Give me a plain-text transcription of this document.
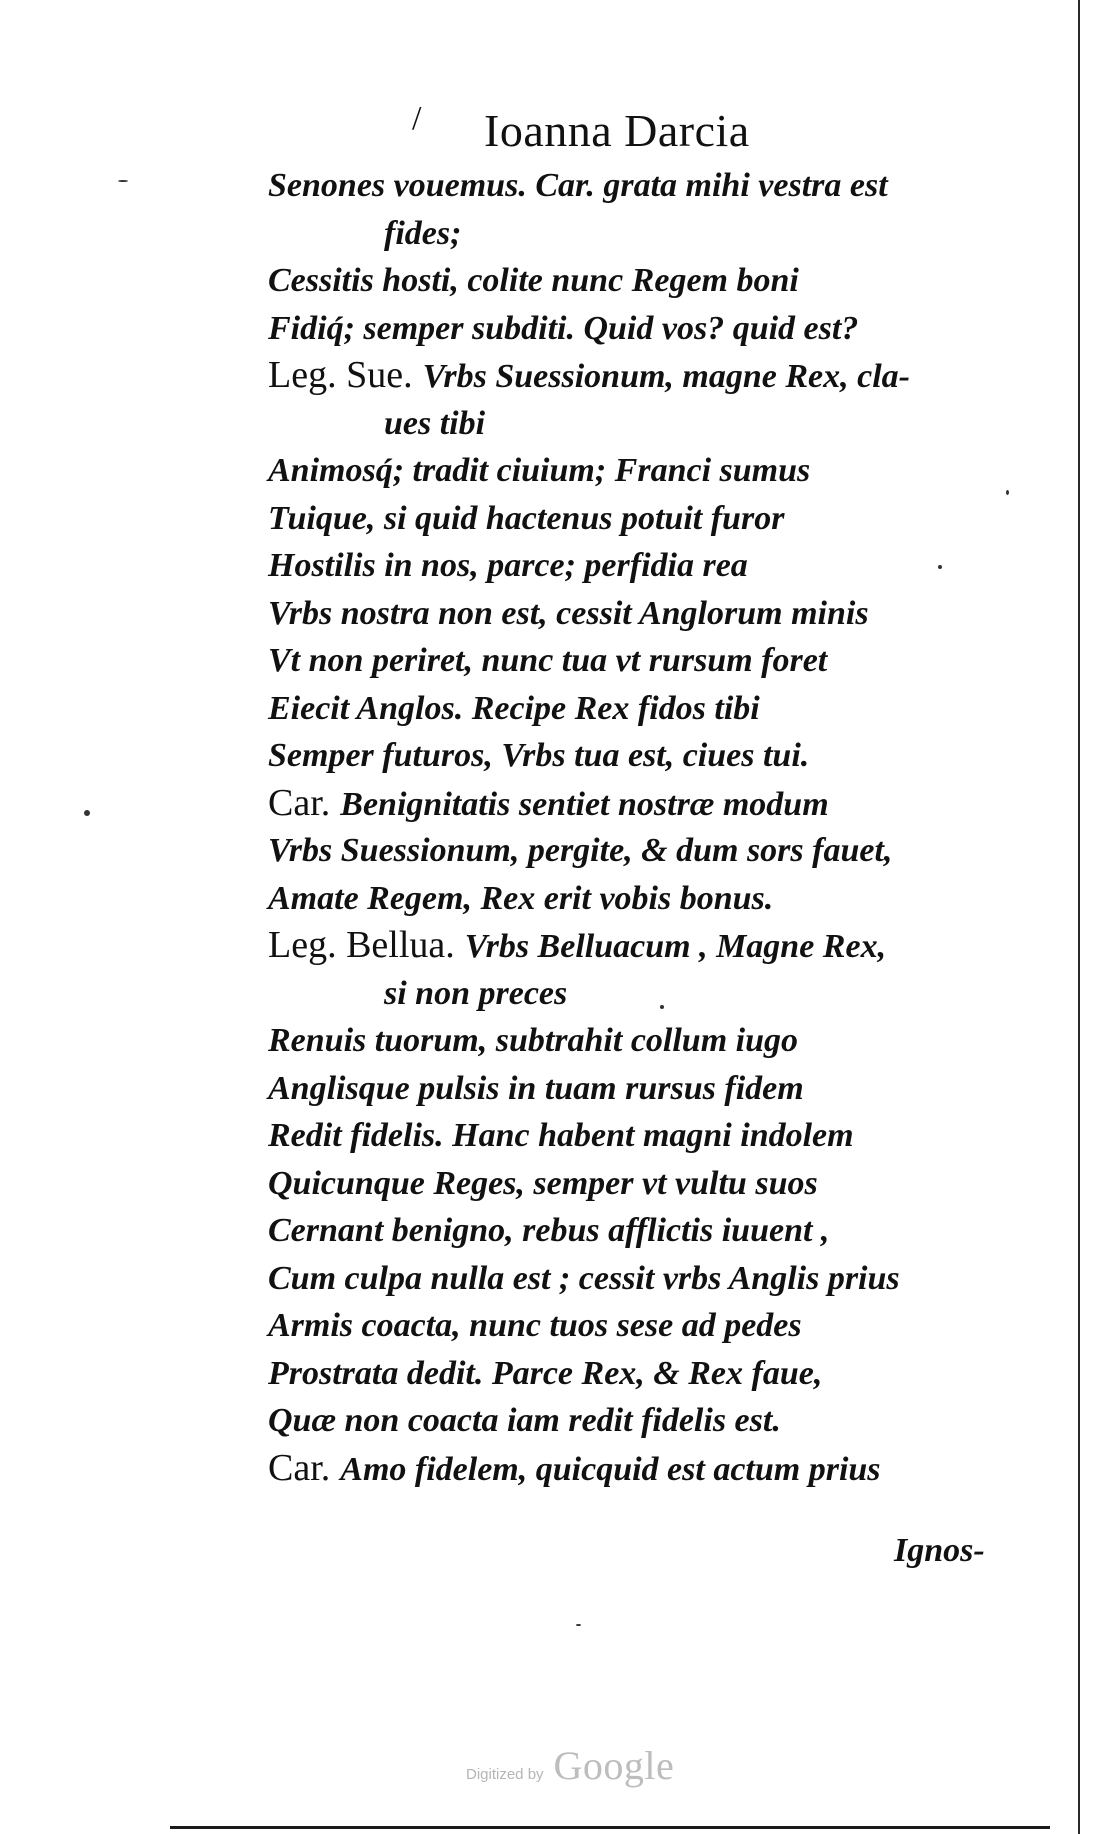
/ Ioanna Darcia
Senones vouemus. Car. grata mihi vestra est
fides;
Cessitis hosti, colite nunc Regem boni
Fidiq́; semper subditi. Quid vos? quid est?
Leg. Sue. Vrbs Suessionum, magne Rex, cla-
ues tibi
Animosq́; tradit ciuium; Franci sumus
Tuique, si quid hactenus potuit furor
Hostilis in nos, parce; perfidia rea
Vrbs nostra non est, cessit Anglorum minis
Vt non periret, nunc tua vt rursum foret
Eiecit Anglos. Recipe Rex fidos tibi
Semper futuros, Vrbs tua est, ciues tui.
Car. Benignitatis sentiet nostræ modum
Vrbs Suessionum, pergite, & dum sors fauet,
Amate Regem, Rex erit vobis bonus.
Leg. Bellua. Vrbs Belluacum , Magne Rex,
si non preces
Renuis tuorum, subtrahit collum iugo
Anglisque pulsis in tuam rursus fidem
Redit fidelis. Hanc habent magni indolem
Quicunque Reges, semper vt vultu suos
Cernant benigno, rebus afflictis iuuent ,
Cum culpa nulla est ; cessit vrbs Anglis prius
Armis coacta, nunc tuos sese ad pedes
Prostrata dedit. Parce Rex, & Rex faue,
Quæ non coacta iam redit fidelis est.
Car. Amo fidelem, quicquid est actum prius
Ignos-
Digitized by Google
